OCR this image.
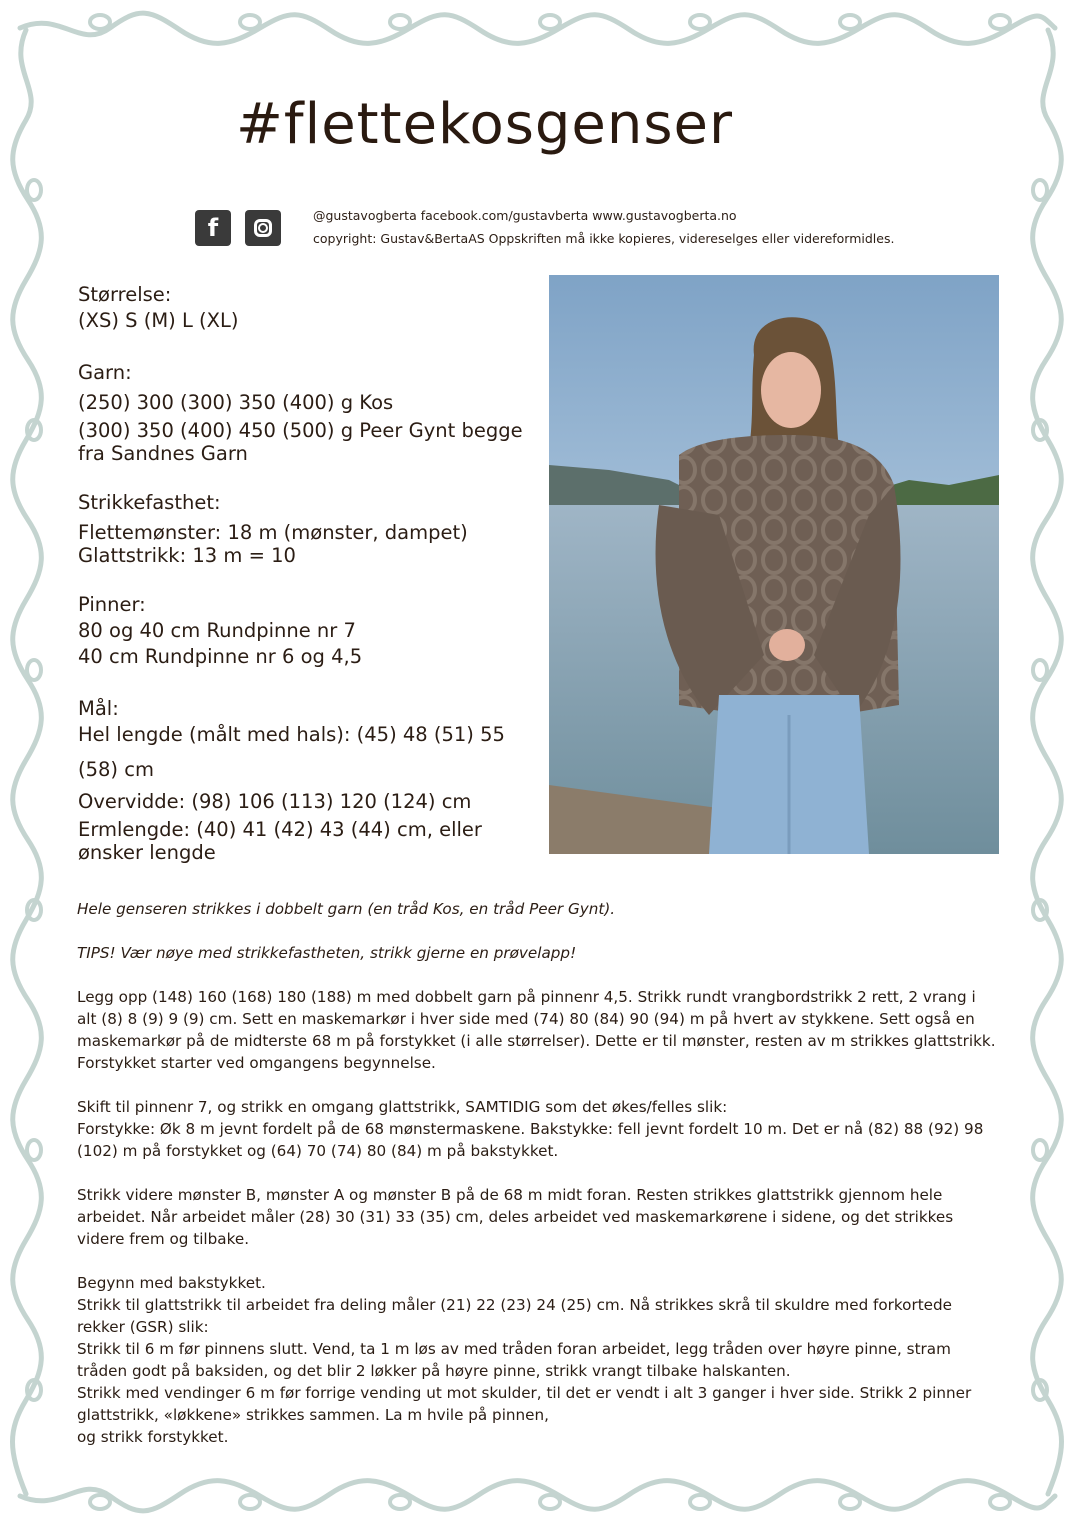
#flettekosgenser
f	@gustavogberta facebook.com/gustavberta www.gustavogberta.no
copyright: Gustav&BertaAS Oppskriften må ikke kopieres, videreselges eller videreformidles.

Størrelse:

(XS) S (M) L (XL)

Garn:

(250) 300 (300) 350 (400) g Kos

(300) 350 (400) 450 (500) g Peer Gynt begge

fra Sandnes Garn

Strikkefasthet:

Flettemønster: 18 m (mønster, dampet)

Glattstrikk: 13 m = 10

Pinner:

80 og 40 cm Rundpinne nr 7

40 cm Rundpinne nr 6 og 4,5

Mål:

Hel lengde (målt med hals): (45) 48 (51) 55

(58) cm

Overvidde: (98) 106 (113) 120 (124) cm

Ermlengde: (40) 41 (42) 43 (44) cm, eller

ønsker lengde

Hele genseren strikkes i dobbelt garn (en tråd Kos, en tråd Peer Gynt).

TIPS! Vær nøye med strikkefastheten, strikk gjerne en prøvelapp!

Legg opp (148) 160 (168) 180 (188) m med dobbelt garn på pinnenr 4,5. Strikk rundt vrangbordstrikk 2 rett, 2 vrang i alt (8) 8 (9) 9 (9) cm. Sett en maskemarkør i hver side med (74) 80 (84) 90 (94) m på hvert av stykkene. Sett også en maskemarkør på de midterste 68 m på forstykket (i alle størrelser). Dette er til mønster, resten av m strikkes glattstrikk. Forstykket starter ved omgangens begynnelse.

Skift til pinnenr 7, og strikk en omgang glattstrikk, SAMTIDIG som det økes/felles slik:

Forstykke: Øk 8 m jevnt fordelt på de 68 mønstermaskene. Bakstykke: fell jevnt fordelt 10 m. Det er nå (82) 88 (92) 98 (102) m på forstykket og (64) 70 (74) 80 (84) m på bakstykket.

Strikk videre mønster B, mønster A og mønster B på de 68 m midt foran. Resten strikkes glattstrikk gjennom hele arbeidet. Når arbeidet måler (28) 30 (31) 33 (35) cm, deles arbeidet ved maskemarkørene i sidene, og det strikkes videre frem og tilbake.

Begynn med bakstykket.

Strikk til glattstrikk til arbeidet fra deling måler (21) 22 (23) 24 (25) cm. Nå strikkes skrå til skuldre med forkortede rekker (GSR) slik:

Strikk til 6 m før pinnens slutt. Vend, ta 1 m løs av med tråden foran arbeidet, legg tråden over høyre pinne, stram tråden godt på baksiden, og det blir 2 løkker på høyre pinne, strikk vrangt tilbake halskanten.

Strikk med vendinger 6 m før forrige vending ut mot skulder, til det er vendt i alt 3 ganger i hver side. Strikk 2 pinner glattstrikk, «løkkene» strikkes sammen. La m hvile på pinnen,

og strikk forstykket.
